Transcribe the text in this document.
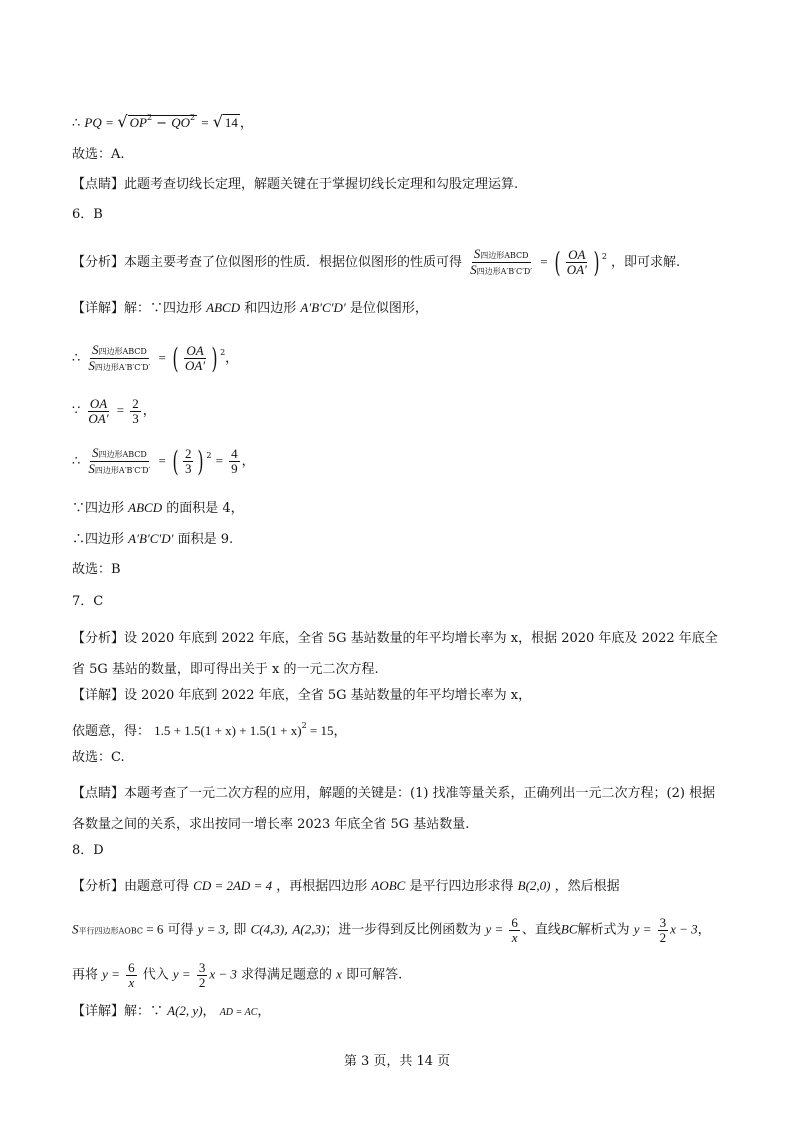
∴ PQ = √ $OP^2 - QO^2$ = √ 14 ，
故选：A.
【点睛】此题考查切线长定理，解题关键在于掌握切线长定理和勾股定理运算.
6．B
【分析】本题主要考查了位似图形的性质．根据位似图形的性质可得 $\frac{\text{S四边形ABCD}}{\text{S四边形A′B′C′D′}}$ = ( $\frac{OA}{OA'}$ ) $^2$ ，即可求解.
【详解】解：∵四边形 ABCD 和四边形 A′B′C′D′ 是位似图形，
∴ $\frac{\text{S四边形ABCD}}{\text{S四边形A′B′C′D′}}$ = ( $\frac{OA}{OA'}$ ) $^2$，
∵ $\frac{OA}{OA'} = \frac{2}{3}$ ，
∴ $\frac{\text{S四边形ABCD}}{\text{S四边形A′B′C′D′}}$ = ( $\frac{2}{3}$ ) $^2 = \frac{4}{9}$ ，
∵四边形 ABCD 的面积是 4，
∴四边形 A′B′C′D′ 面积是 9.
故选：B
7．C
【分析】设 2020 年底到 2022 年底，全省 5G 基站数量的年平均增长率为 x，根据 2020 年底及 2022 年底全省 5G 基站的数量，即可得出关于 x 的一元二次方程.
【详解】设 2020 年底到 2022 年底，全省 5G 基站数量的年平均增长率为 x，
依题意，得： $1.5 + 1.5(1 + x) + 1.5(1 + x)^2 = 15$，
故选：C.
【点睛】本题考查了一元二次方程的应用，解题的关键是：(1) 找准等量关系，正确列出一元二次方程；(2) 根据各数量之间的关系，求出按同一增长率 2023 年底全省 5G 基站数量.
8．D
【分析】由题意可得 CD = 2AD = 4 ，再根据四边形 AOBC 是平行四边形求得 B(2,0) ，然后根据
S平行四边形AOBC = 6 可得 y = 3, 即 C(4,3), A(2,3)；进一步得到反比例函数为 $y = \frac{6}{x}$ 、直线BC解析式为 $y = \frac{3}{2}$ x − 3，
再将 $y = \frac{6}{x}$ 代入 $y = \frac{3}{2}$ x − 3 求得满足题意的 x 即可解答.
【详解】解：∵ A(2, y)， AD = AC，
第 3 页，共 14 页
